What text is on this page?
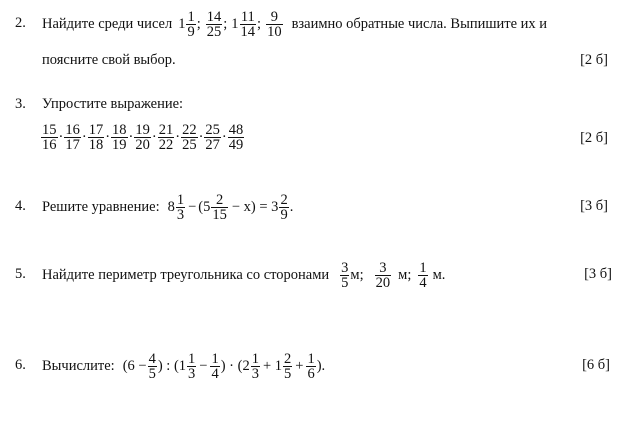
2. Найдите среди чисел $1 \frac{1}{9}$ ; $\frac{14}{25}$ ; $1 \frac{11}{14}$ ; $\frac{9}{10}$ взаимно обратные числа. Выпишите их и
поясните свой выбор.	[2 б]
3. Упростите выражение:
$\frac{15}{16} \cdot \frac{16}{17} \cdot \frac{17}{18} \cdot \frac{18}{19} \cdot \frac{19}{20} \cdot \frac{21}{22} \cdot \frac{22}{25} \cdot \frac{25}{27} \cdot \frac{48}{49}$	[2 б]
4. Решите уравнение: $8 \frac{1}{3} - (5 \frac{2}{15} - x) = 3 \frac{2}{9}$ .	[3 б]
5. Найдите периметр треугольника со сторонами $\frac{3}{5} м$; $\frac{3}{20} м$; $\frac{1}{4} м$.	[3 б]
6. Вычислите: ($6 - \frac{4}{5}$ ) : ($1 \frac{1}{3} - \frac{1}{4}$ ) · ($2 \frac{1}{3} + 1 \frac{2}{5} + \frac{1}{6}$ ).	[6 б]
